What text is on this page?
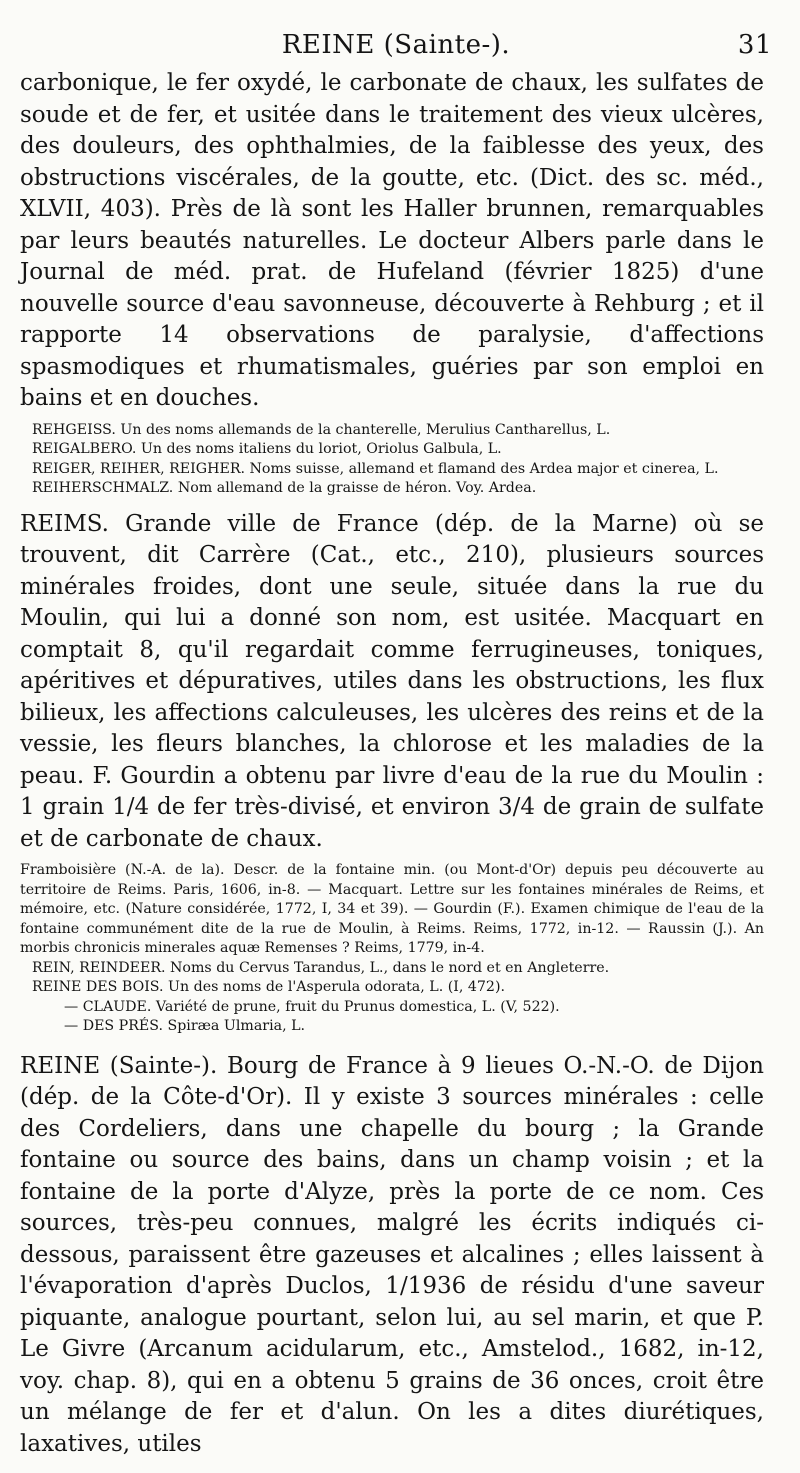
REINE (Sainte-).	31

carbonique, le fer oxydé, le carbonate de chaux, les sulfates de soude et de fer, et usitée dans le traitement des vieux ulcères, des douleurs, des ophthalmies, de la faiblesse des yeux, des obstructions viscérales, de la goutte, etc. (Dict. des sc. méd., XLVII, 403). Près de là sont les Haller brunnen, remarquables par leurs beautés naturelles. Le docteur Albers parle dans le Journal de méd. prat. de Hufeland (février 1825) d'une nouvelle source d'eau savonneuse, découverte à Rehburg ; et il rapporte 14 observations de paralysie, d'affections spasmodiques et rhumatismales, guéries par son emploi en bains et en douches.

REHGEISS. Un des noms allemands de la chanterelle, Merulius Cantharellus, L.

REIGALBERO. Un des noms italiens du loriot, Oriolus Galbula, L.

REIGER, REIHER, REIGHER. Noms suisse, allemand et flamand des Ardea major et cinerea, L.

REIHERSCHMALZ. Nom allemand de la graisse de héron. Voy. Ardea.

REIMS. Grande ville de France (dép. de la Marne) où se trouvent, dit Carrère (Cat., etc., 210), plusieurs sources minérales froides, dont une seule, située dans la rue du Moulin, qui lui a donné son nom, est usitée. Macquart en comptait 8, qu'il regardait comme ferrugineuses, toniques, apéritives et dépuratives, utiles dans les obstructions, les flux bilieux, les affections calculeuses, les ulcères des reins et de la vessie, les fleurs blanches, la chlorose et les maladies de la peau. F. Gourdin a obtenu par livre d'eau de la rue du Moulin : 1 grain 1/4 de fer très-divisé, et environ 3/4 de grain de sulfate et de carbonate de chaux.

Framboisière (N.-A. de la). Descr. de la fontaine min. (ou Mont-d'Or) depuis peu découverte au territoire de Reims. Paris, 1606, in-8. — Macquart. Lettre sur les fontaines minérales de Reims, et mémoire, etc. (Nature considérée, 1772, I, 34 et 39). — Gourdin (F.). Examen chimique de l'eau de la fontaine communément dite de la rue de Moulin, à Reims. Reims, 1772, in-12. — Raussin (J.). An morbis chronicis minerales aquæ Remenses ? Reims, 1779, in-4.

REIN, REINDEER. Noms du Cervus Tarandus, L., dans le nord et en Angleterre.

REINE DES BOIS. Un des noms de l'Asperula odorata, L. (I, 472).

— CLAUDE. Variété de prune, fruit du Prunus domestica, L. (V, 522).

— DES PRÉS. Spiræa Ulmaria, L.

REINE (Sainte-). Bourg de France à 9 lieues O.-N.-O. de Dijon (dép. de la Côte-d'Or). Il y existe 3 sources minérales : celle des Cordeliers, dans une chapelle du bourg ; la Grande fontaine ou source des bains, dans un champ voisin ; et la fontaine de la porte d'Alyze, près la porte de ce nom. Ces sources, très-peu connues, malgré les écrits indiqués ci-dessous, paraissent être gazeuses et alcalines ; elles laissent à l'évaporation d'après Duclos, 1/1936 de résidu d'une saveur piquante, analogue pourtant, selon lui, au sel marin, et que P. Le Givre (Arcanum acidularum, etc., Amstelod., 1682, in-12, voy. chap. 8), qui en a obtenu 5 grains de 36 onces, croit être un mélange de fer et d'alun. On les a dites diurétiques, laxatives, utiles
